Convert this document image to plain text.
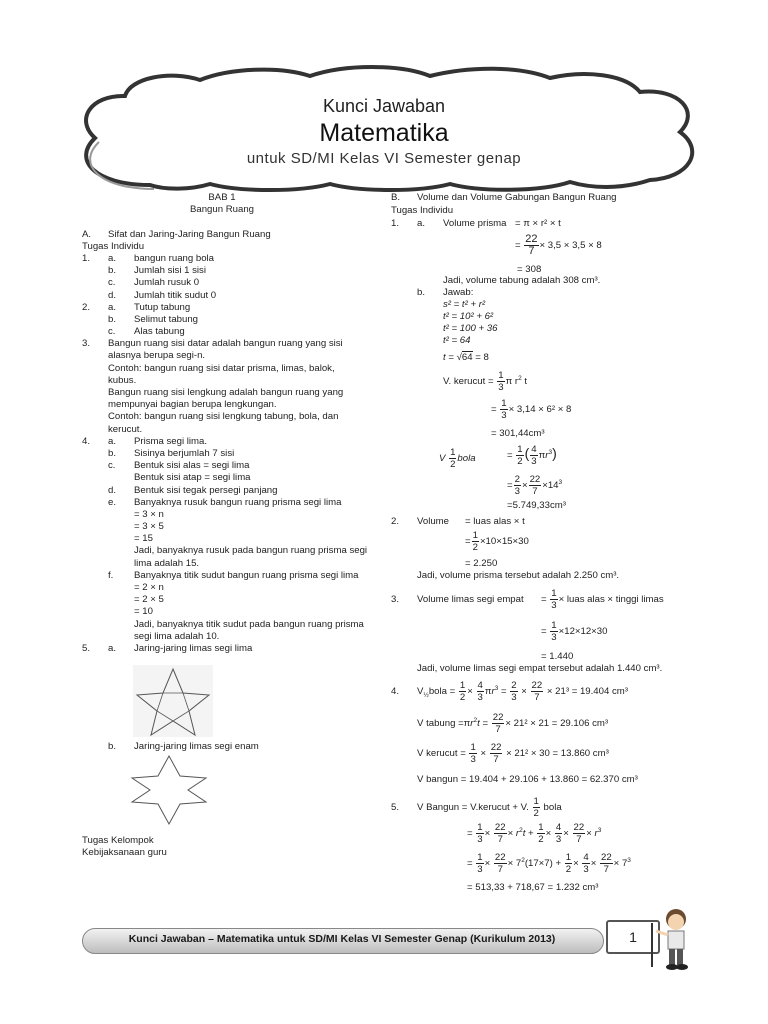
Kunci Jawaban
Matematika
untuk SD/MI Kelas VI Semester genap
BAB 1
Bangun Ruang
A. Sifat dan Jaring-Jaring Bangun Ruang
Tugas Individu
1. a. bangun ruang bola
b. Jumlah sisi 1 sisi
c. Jumlah rusuk 0
d. Jumlah titik sudut 0
2. a. Tutup tabung
b. Selimut tabung
c. Alas tabung
3. Bangun ruang sisi datar adalah bangun ruang yang sisi
alasnya berupa segi-n.
Contoh: bangun ruang sisi datar prisma, limas, balok,
kubus.
Bangun ruang sisi lengkung adalah bangun ruang yang
mempunyai bagian berupa lengkungan.
Contoh: bangun ruang sisi lengkung tabung, bola, dan
kerucut.
4. a. Prisma segi lima.
b. Sisinya berjumlah 7 sisi
c. Bentuk sisi alas = segi lima
Bentuk sisi atap = segi lima
d. Bentuk sisi tegak persegi panjang
e. Banyaknya rusuk bangun ruang prisma segi lima
= 3 × n
= 3 × 5
= 15
Jadi, banyaknya rusuk pada bangun ruang prisma segi
lima adalah 15.
f. Banyaknya titik sudut bangun ruang prisma segi lima
= 2 × n
= 2 × 5
= 10
Jadi, banyaknya titik sudut pada bangun ruang prisma
segi lima adalah 10.
5. a. Jaring-jaring limas segi lima
b. Jaring-jaring limas segi enam
Tugas Kelompok
Kebijaksanaan guru
B. Volume dan Volume Gabungan Bangun Ruang
Tugas Individu
1. a. Volume prisma = π × r² × t
= $\frac{22}{7} \times 3,5 \times 3,5 \times 8$
= 308
Jadi, volume tabung adalah 308 cm³.
b. Jawab:
s² = t² + r²
t² = 10² + 6²
t² = 100 + 36
t² = 64
t = √64 = 8
V. kerucut = $\frac{1}{3}$ π $r^2$ t
= $\frac{1}{3} \times 3,14 \times 6^2 \times 8$
= 301,44cm³
V $\frac{1}{2}$ bola	= $\frac{1}{2}$ ( $\frac{4}{3} \pi r^3$)
= $\frac{2}{3} \times \frac{22}{7} \times 14^3$
=5.749,33cm³
2. Volume = luas alas × t
= $\frac{1}{2} \times 10\times 15\times 30$
= 2.250
Jadi, volume prisma tersebut adalah 2.250 cm³.
3. Volume limas segi empat = $\frac{1}{3}$ × luas alas × tinggi limas
= $\frac{1}{3} \times 12\times 12\times 30$
= 1.440
Jadi, volume limas segi empat tersebut adalah 1.440 cm³.
4. $V_{\frac{1}{2}}bola = \frac{1}{2} \times \frac{4}{3} \pi r^3 = \frac{2}{3} \times \frac{22}{7} \times 21^3 = 19.404$ cm³
V tabung $=\pi r^2t = \frac{22}{7} \times 21^2 \times 21 = 29.106$ cm³
V kerucut = $\frac{1}{3} \times \frac{22}{7} \times 21^2 \times 30 = 13.860$ cm³
V bangun = 19.404 + 29.106 + 13.860 = 62.370 cm³
5. V Bangun = V.kerucut + V. $\frac{1}{2}$ bola
= $\frac{1}{3} \times \frac{22}{7} \times r^2t + \frac{1}{2} \times \frac{4}{3} \times \frac{22}{7} \times r^3$
= $\frac{1}{3} \times \frac{22}{7} \times 7^2(17\times 7) + \frac{1}{2} \times \frac{4}{3} \times \frac{22}{7} \times 7^3$
= 513,33 + 718,67 = 1.232 cm³
Kunci Jawaban – Matematika untuk SD/MI Kelas VI Semester Genap (Kurikulum 2013)	1
